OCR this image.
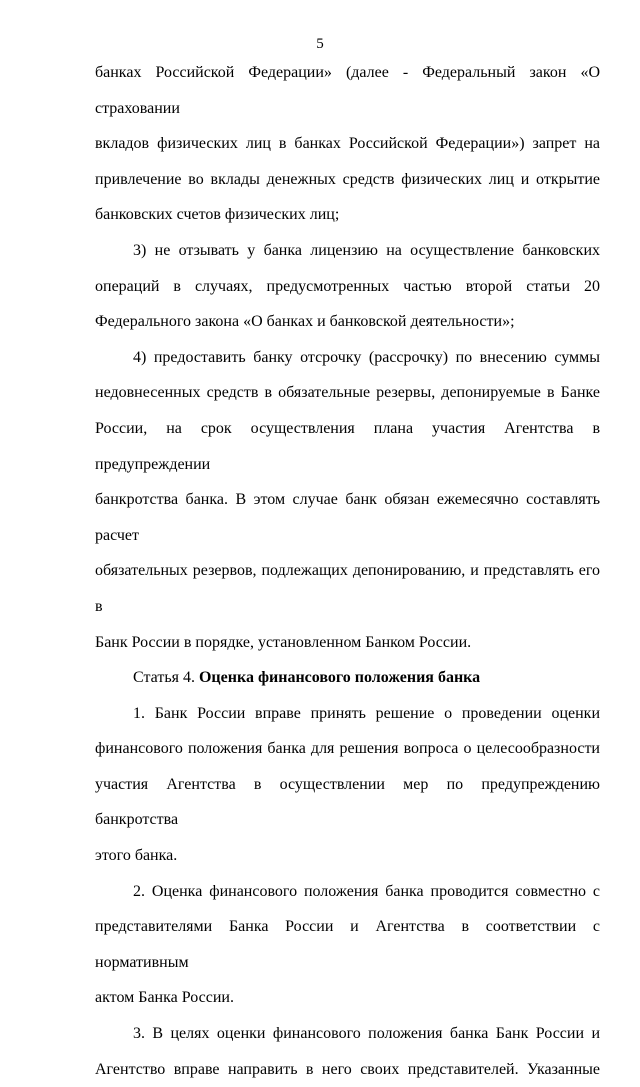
5
банках Российской Федерации» (далее - Федеральный закон «О страховании
вкладов физических лиц в банках Российской Федерации») запрет на
привлечение во вклады денежных средств физических лиц и открытие
банковских счетов физических лиц;
3) не отзывать у банка лицензию на осуществление банковских
операций в случаях, предусмотренных частью второй статьи 20
Федерального закона «О банках и банковской деятельности»;
4) предоставить банку отсрочку (рассрочку) по внесению суммы
недовнесенных средств в обязательные резервы, депонируемые в Банке
России, на срок осуществления плана участия Агентства в предупреждении
банкротства банка. В этом случае банк обязан ежемесячно составлять расчет
обязательных резервов, подлежащих депонированию, и представлять его в
Банк России в порядке, установленном Банком России.
Статья 4. Оценка финансового положения банка
1. Банк России вправе принять решение о проведении оценки
финансового положения банка для решения вопроса о целесообразности
участия Агентства в осуществлении мер по предупреждению банкротства
этого банка.
2. Оценка финансового положения банка проводится совместно с
представителями Банка России и Агентства в соответствии с нормативным
актом Банка России.
3. В целях оценки финансового положения банка Банк России и
Агентство вправе направить в него своих представителей. Указанные
